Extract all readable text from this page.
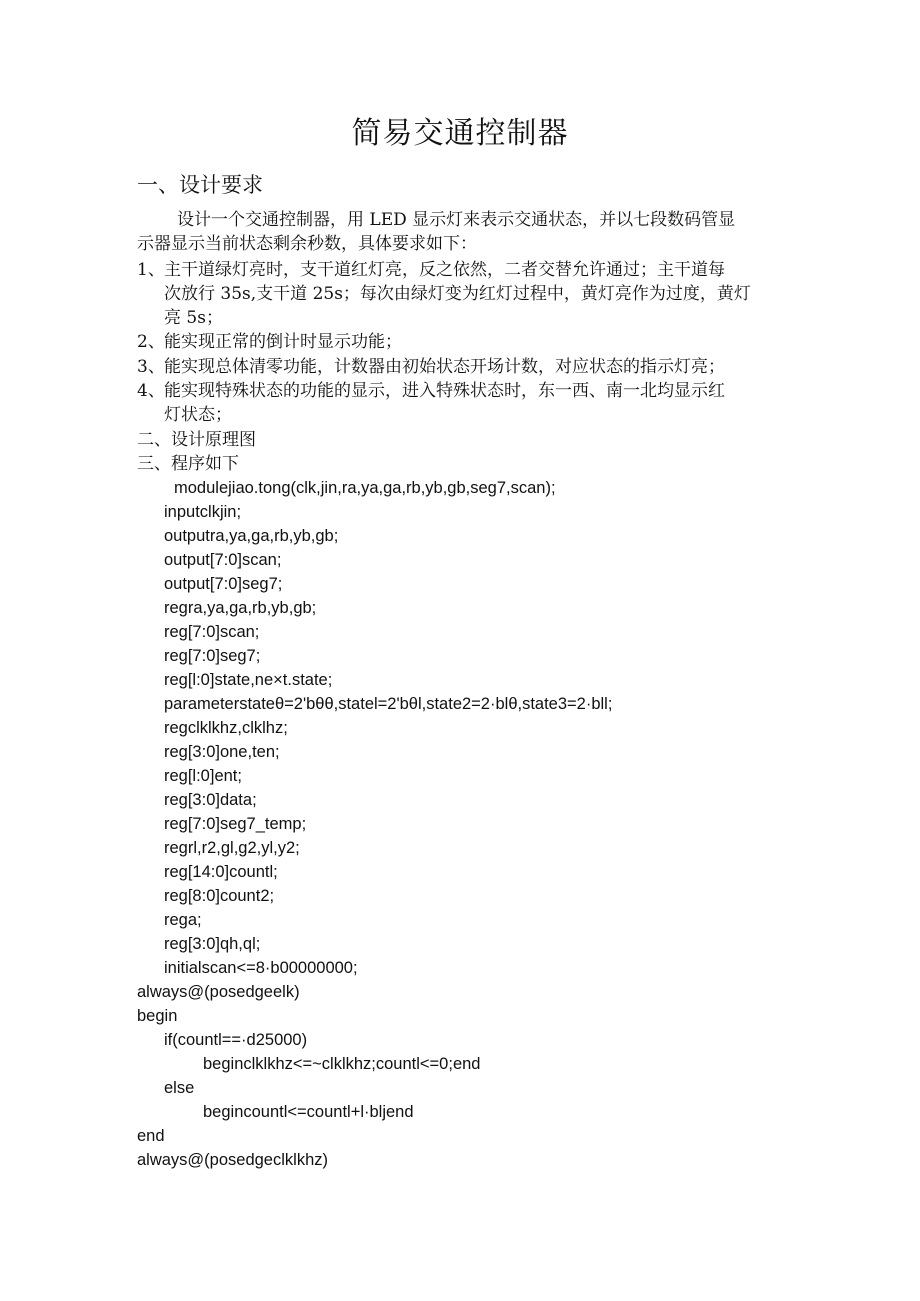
简易交通控制器
一、设计要求
设计一个交通控制器，用 LED 显示灯来表示交通状态，并以七段数码管显
示器显示当前状态剩余秒数，具体要求如下：
1、 主干道绿灯亮时，支干道红灯亮，反之依然，二者交替允许通过；主干道每
次放行 35s,支干道 25s；每次由绿灯变为红灯过程中，黄灯亮作为过度，黄灯
亮 5s；
2、 能实现正常的倒计时显示功能；
3、 能实现总体清零功能，计数器由初始状态开场计数，对应状态的指示灯亮；
4、 能实现特殊状态的功能的显示，进入特殊状态时，东一西、南一北均显示红
灯状态；
二、设计原理图
三、程序如下
modulejiao.tong(clk,jin,ra,ya,ga,rb,yb,gb,seg7,scan);
inputclkjin;
outputra,ya,ga,rb,yb,gb;
output[7:0]scan;
output[7:0]seg7;
regra,ya,ga,rb,yb,gb;
reg[7:0]scan;
reg[7:0]seg7;
reg[l:0]state,ne×t.state;
parameterstateθ=2'bθθ,statel=2'bθl,state2=2·blθ,state3=2·bll;
regclklkhz,clklhz;
reg[3:0]one,ten;
reg[l:0]ent;
reg[3:0]data;
reg[7:0]seg7_temp;
regrl,r2,gl,g2,yl,y2;
reg[14:0]countl;
reg[8:0]count2;
rega;
reg[3:0]qh,ql;
initialscan<=8·b00000000;
always@(posedgeelk)
begin
if(countl==·d25000)
beginclklkhz<=~clklkhz;countl<=0;end
else
begincountl<=countl+l·bljend
end
always@(posedgeclklkhz)
